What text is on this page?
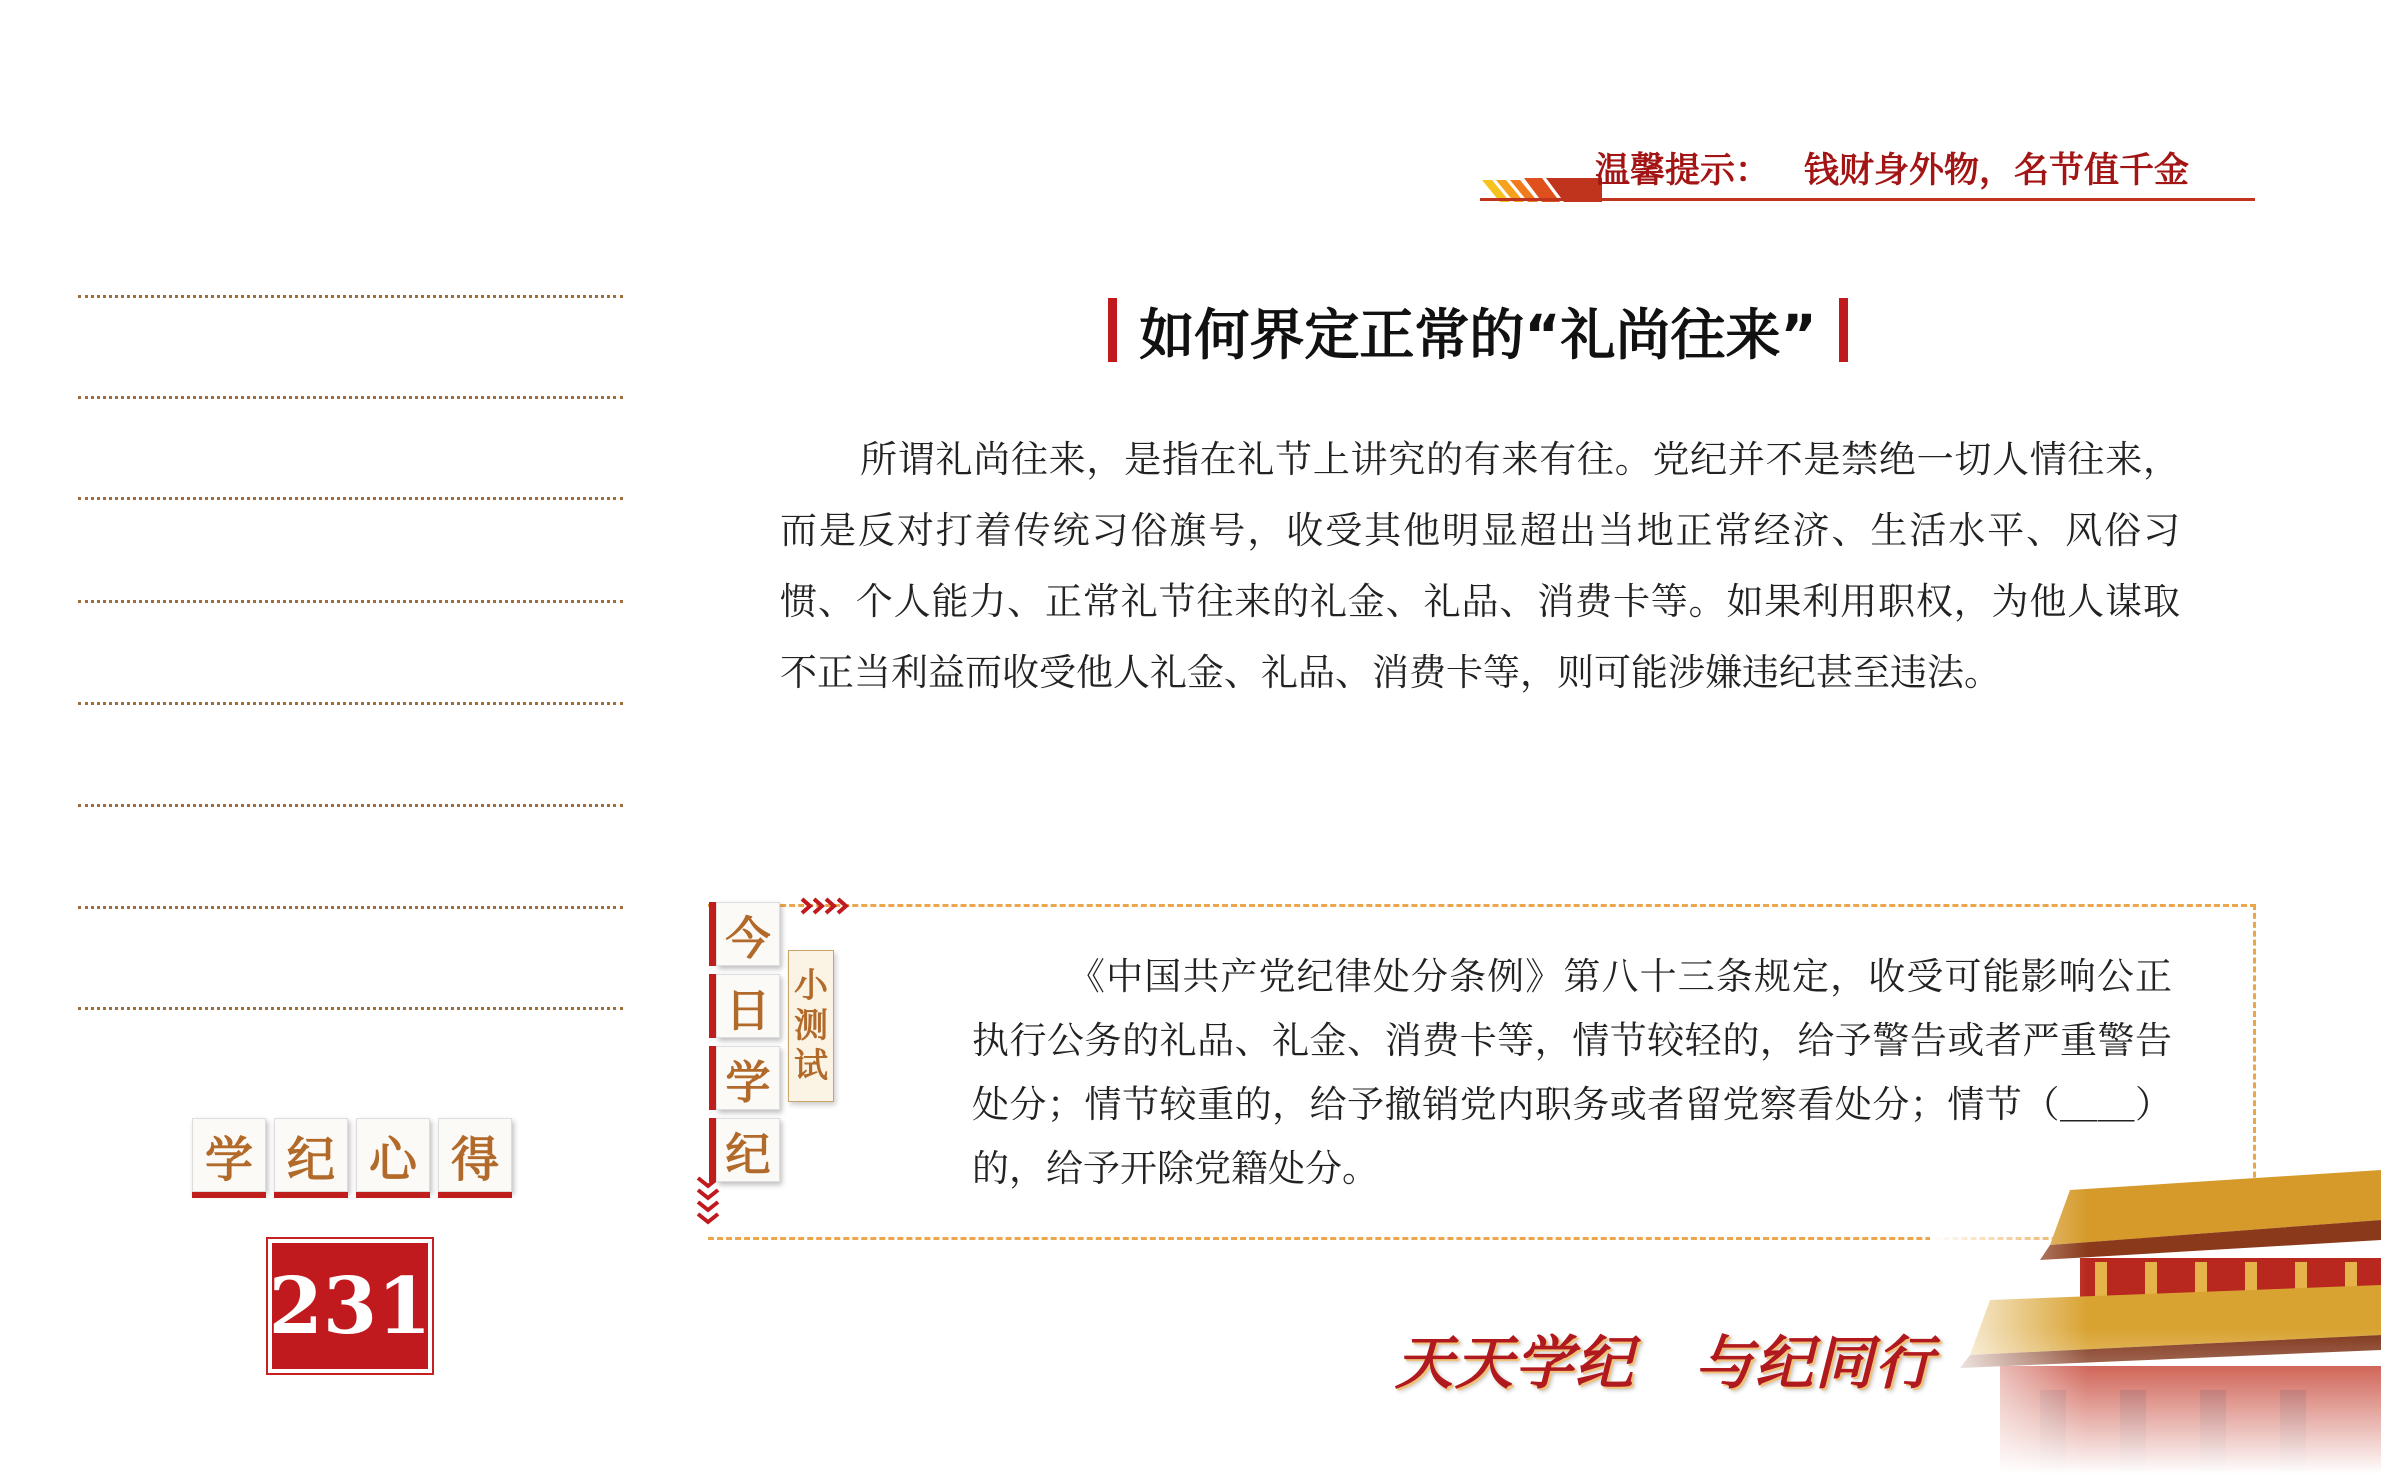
温馨提示： 钱财身外物，名节值千金
学 纪 心 得
231
如何界定正常的“礼尚往来”
所谓礼尚往来，是指在礼节上讲究的有来有往。党纪并不是禁绝一切人情往来，而是反对打着传统习俗旗号，收受其他明显超出当地正常经济、生活水平、风俗习惯、个人能力、正常礼节往来的礼金、礼品、消费卡等。如果利用职权，为他人谋取不正当利益而收受他人礼金、礼品、消费卡等，则可能涉嫌违纪甚至违法。
今
日
学
纪
小
测
试
《中国共产党纪律处分条例》第八十三条规定，收受可能影响公正执行公务的礼品、礼金、消费卡等，情节较轻的，给予警告或者严重警告处分；情节较重的，给予撤销党内职务或者留党察看处分；情节（＿＿）的，给予开除党籍处分。
天天学纪　与纪同行
